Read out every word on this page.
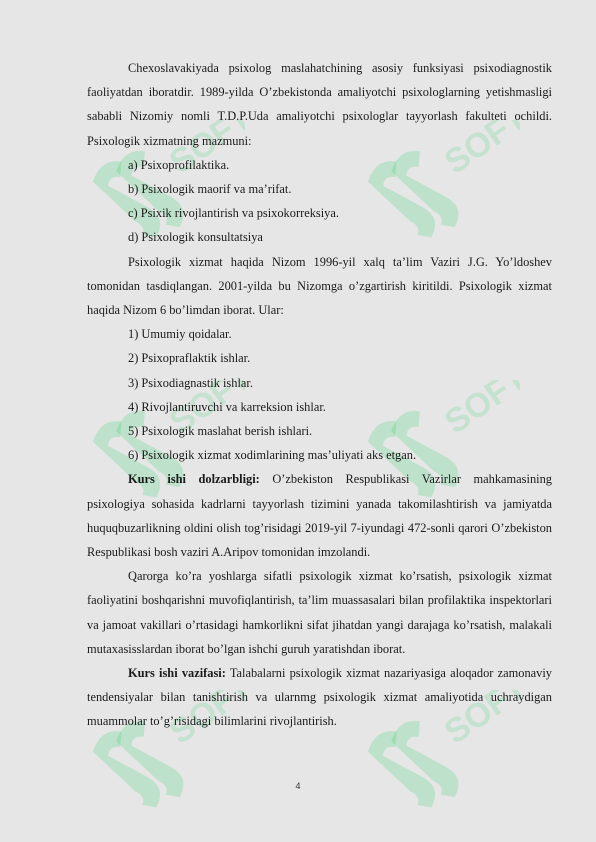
SOFT	SOFT
SOFT	SOFT
SOFT	SOFT

Chexoslavakiyada psixolog maslahatchining asosiy funksiyasi psixodiagnostik faoliyatdan iboratdir. 1989-yilda O’zbekistonda amaliyotchi psixologlarning yetishmasligi sababli Nizomiy nomli T.D.P.Uda amaliyotchi psixologlar tayyorlash fakulteti ochildi. Psixologik xizmatning mazmuni:

a) Psixoprofilaktika.

b) Psixologik maorif va ma’rifat.

c) Psixik rivojlantirish va psixokorreksiya.

d) Psixologik konsultatsiya

Psixologik xizmat haqida Nizom 1996-yil xalq ta’lim Vaziri J.G. Yo’ldoshev tomonidan tasdiqlangan. 2001-yilda bu Nizomga o’zgartirish kiritildi. Psixologik xizmat haqida Nizom 6 bo’limdan iborat. Ular:

1) Umumiy qoidalar.

2) Psixopraflaktik ishlar.

3) Psixodiagnastik ishlar.

4) Rivojlantiruvchi va karreksion ishlar.

5) Psixologik maslahat berish ishlari.

6) Psixologik xizmat xodimlarining mas’uliyati aks etgan.

Kurs ishi dolzarbligi: O’zbekiston Respublikasi Vazirlar mahkamasining psixologiya sohasida kadrlarni tayyorlash tizimini yanada takomilashtirish va jamiyatda huquqbuzarlikning oldini olish tog’risidagi 2019-yil 7-iyundagi 472-sonli qarori O’zbekiston Respublikasi bosh vaziri A.Aripov tomonidan imzolandi.

Qarorga ko’ra yoshlarga sifatli psixologik xizmat ko’rsatish, psixologik xizmat faoliyatini boshqarishni muvofiqlantirish, ta’lim muassasalari bilan profilaktika inspektorlari va jamoat vakillari o’rtasidagi hamkorlikni sifat jihatdan yangi darajaga ko’rsatish, malakali mutaxasisslardan iborat bo’lgan ishchi guruh yaratishdan iborat.

Kurs ishi vazifasi: Talabalarni psixologik xizmat nazariyasiga aloqador zamonaviy tendensiyalar bilan tanishtirish va ularnmg psixologik xizmat amaliyotida uchraydigan muammolar to’g’risidagi bilimlarini rivojlantirish.

4
